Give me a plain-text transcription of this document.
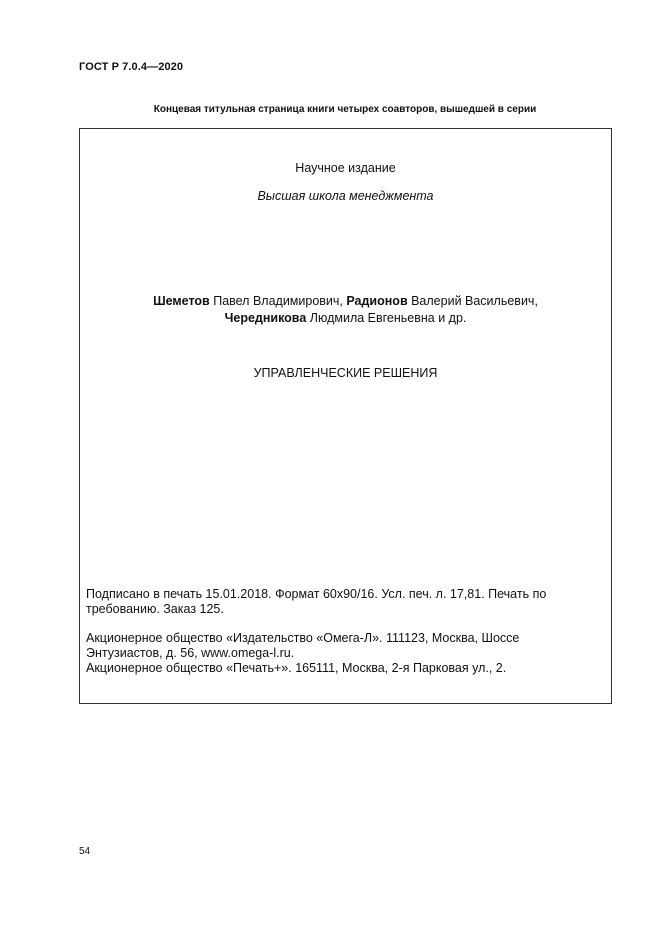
ГОСТ Р 7.0.4—2020
Концевая титульная страница книги четырех соавторов, вышедшей в серии
Научное издание
Высшая школа менеджмента
Шеметов Павел Владимирович, Радионов Валерий Васильевич,
Чередникова Людмила Евгеньевна и др.
УПРАВЛЕНЧЕСКИЕ РЕШЕНИЯ

Подписано в печать 15.01.2018. Формат 60х90/16. Усл. печ. л. 17,81. Печать по требованию. Заказ 125.

Акционерное общество «Издательство «Омега-Л». 111123, Москва, Шоссе Энтузиастов, д. 56, www.omega-l.ru.

Акционерное общество «Печать+». 165111, Москва, 2-я Парковая ул., 2.

54
